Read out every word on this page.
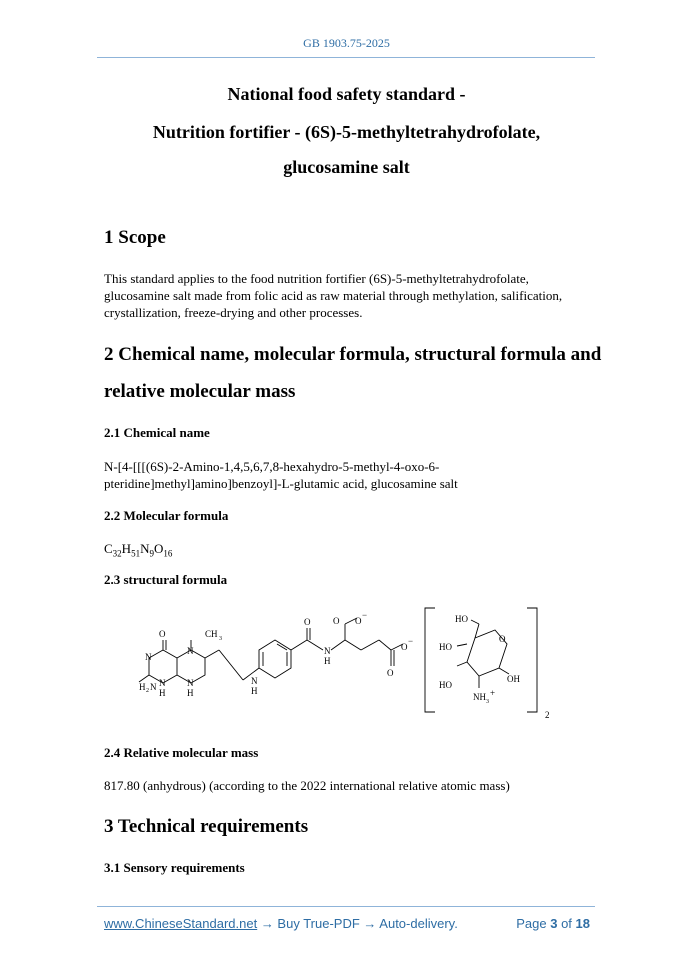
GB 1903.75-2025
National food safety standard -
Nutrition fortifier - (6S)-5-methyltetrahydrofolate,
glucosamine salt
1 Scope
This standard applies to the food nutrition fortifier (6S)-5-methyltetrahydrofolate,
glucosamine salt made from folic acid as raw material through methylation, salification,
crystallization, freeze-drying and other processes.
2 Chemical name, molecular formula, structural formula and
relative molecular mass
2.1 Chemical name
N-[4-[[[(6S)-2-Amino-1,4,5,6,7,8-hexahydro-5-methyl-4-oxo-6-
pteridine]methyl]amino]benzoyl]-L-glutamic acid, glucosamine salt
2.2 Molecular formula
$C_{32}H_{51}N_9O_{16}$
2.3 structural formula
O	CH 3
N
N
N
N
H H
H 2 N
N
H
O
N
H
O O
−
O
−
O
HO
HO
HO
O
OH
NH 3
+
2
2.4 Relative molecular mass
817.80 (anhydrous) (according to the 2022 international relative atomic mass)
3 Technical requirements
3.1 Sensory requirements
www.ChineseStandard.net → Buy True-PDF → Auto-delivery.	Page 3 of 18
